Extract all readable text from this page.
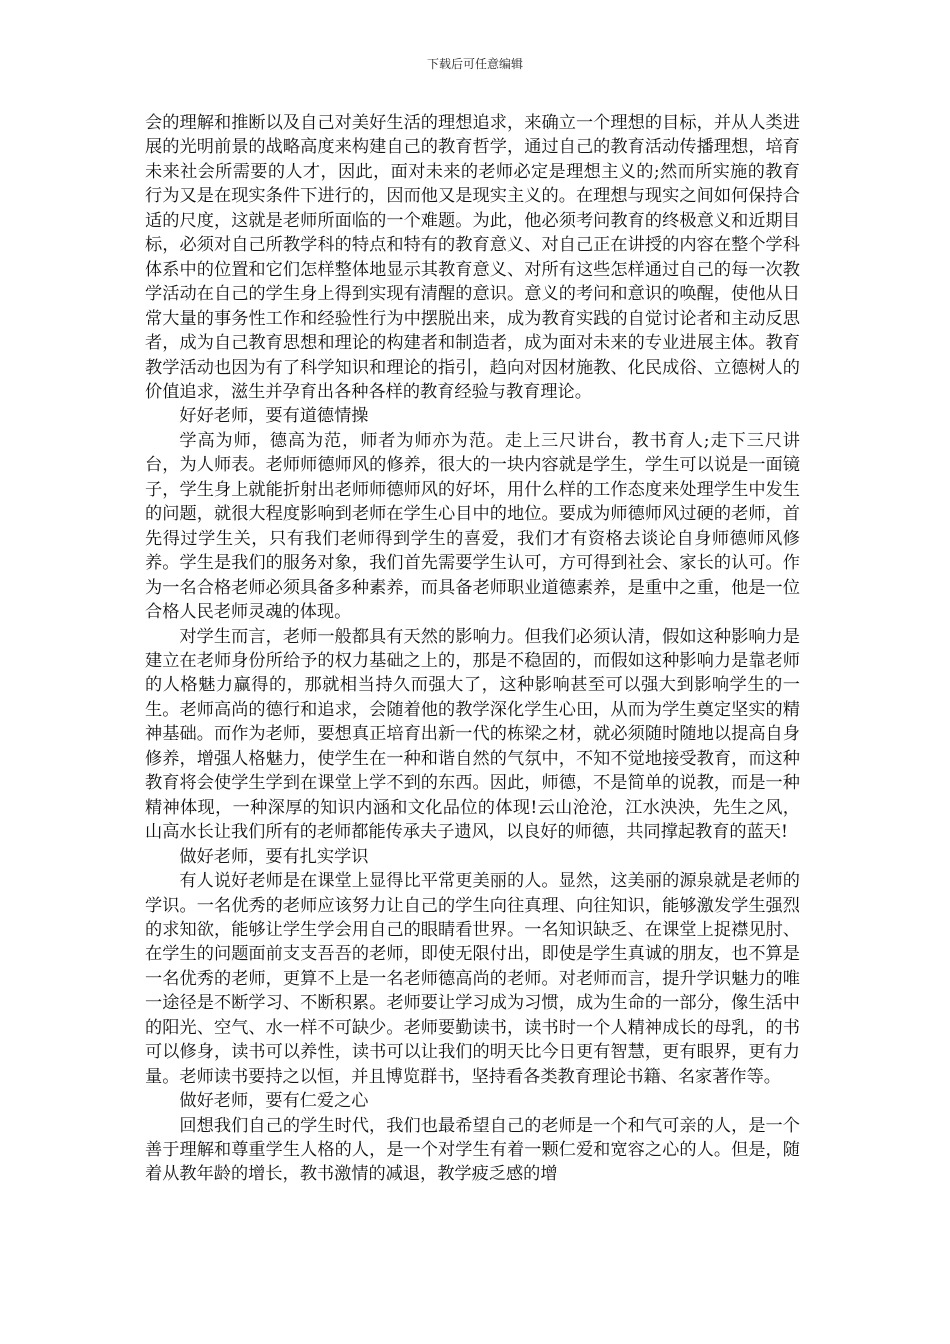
下载后可任意编辑

会的理解和推断以及自己对美好生活的理想追求，来确立一个理想的目标，并从人类进展的光明前景的战略高度来构建自己的教育哲学，通过自己的教育活动传播理想，培育未来社会所需要的人才，因此，面对未来的老师必定是理想主义的;然而所实施的教育行为又是在现实条件下进行的，因而他又是现实主义的。在理想与现实之间如何保持合适的尺度，这就是老师所面临的一个难题。为此，他必须考问教育的终极意义和近期目标，必须对自己所教学科的特点和特有的教育意义、对自己正在讲授的内容在整个学科体系中的位置和它们怎样整体地显示其教育意义、对所有这些怎样通过自己的每一次教学活动在自己的学生身上得到实现有清醒的意识。意义的考问和意识的唤醒，使他从日常大量的事务性工作和经验性行为中摆脱出来，成为教育实践的自觉讨论者和主动反思者，成为自己教育思想和理论的构建者和制造者，成为面对未来的专业进展主体。教育教学活动也因为有了科学知识和理论的指引，趋向对因材施教、化民成俗、立德树人的价值追求，滋生并孕育出各种各样的教育经验与教育理论。

好好老师，要有道德情操

学高为师，德高为范，师者为师亦为范。走上三尺讲台，教书育人;走下三尺讲台，为人师表。老师师德师风的修养，很大的一块内容就是学生，学生可以说是一面镜子，学生身上就能折射出老师师德师风的好坏，用什么样的工作态度来处理学生中发生的问题，就很大程度影响到老师在学生心目中的地位。要成为师德师风过硬的老师，首先得过学生关，只有我们老师得到学生的喜爱，我们才有资格去谈论自身师德师风修养。学生是我们的服务对象，我们首先需要学生认可，方可得到社会、家长的认可。作为一名合格老师必须具备多种素养，而具备老师职业道德素养，是重中之重，他是一位合格人民老师灵魂的体现。

对学生而言，老师一般都具有天然的影响力。但我们必须认清，假如这种影响力是建立在老师身份所给予的权力基础之上的，那是不稳固的，而假如这种影响力是靠老师的人格魅力赢得的，那就相当持久而强大了，这种影响甚至可以强大到影响学生的一生。老师高尚的德行和追求，会随着他的教学深化学生心田，从而为学生奠定坚实的精神基础。而作为老师，要想真正培育出新一代的栋梁之材，就必须随时随地以提高自身修养，增强人格魅力，使学生在一种和谐自然的气氛中，不知不觉地接受教育，而这种教育将会使学生学到在课堂上学不到的东西。因此，师德，不是简单的说教，而是一种精神体现，一种深厚的知识内涵和文化品位的体现!云山沧沧，江水泱泱，先生之风，山高水长让我们所有的老师都能传承夫子遗风，以良好的师德，共同撑起教育的蓝天!

做好老师，要有扎实学识

有人说好老师是在课堂上显得比平常更美丽的人。显然，这美丽的源泉就是老师的学识。一名优秀的老师应该努力让自己的学生向往真理、向往知识，能够激发学生强烈的求知欲，能够让学生学会用自己的眼睛看世界。一名知识缺乏、在课堂上捉襟见肘、在学生的问题面前支支吾吾的老师，即使无限付出，即使是学生真诚的朋友，也不算是一名优秀的老师，更算不上是一名老师德高尚的老师。对老师而言，提升学识魅力的唯一途径是不断学习、不断积累。老师要让学习成为习惯，成为生命的一部分，像生活中的阳光、空气、水一样不可缺少。老师要勤读书，读书时一个人精神成长的母乳，的书可以修身，读书可以养性，读书可以让我们的明天比今日更有智慧，更有眼界，更有力量。老师读书要持之以恒，并且博览群书，坚持看各类教育理论书籍、名家著作等。

做好老师，要有仁爱之心

回想我们自己的学生时代，我们也最希望自己的老师是一个和气可亲的人，是一个善于理解和尊重学生人格的人，是一个对学生有着一颗仁爱和宽容之心的人。但是，随着从教年龄的增长，教书激情的减退，教学疲乏感的增
